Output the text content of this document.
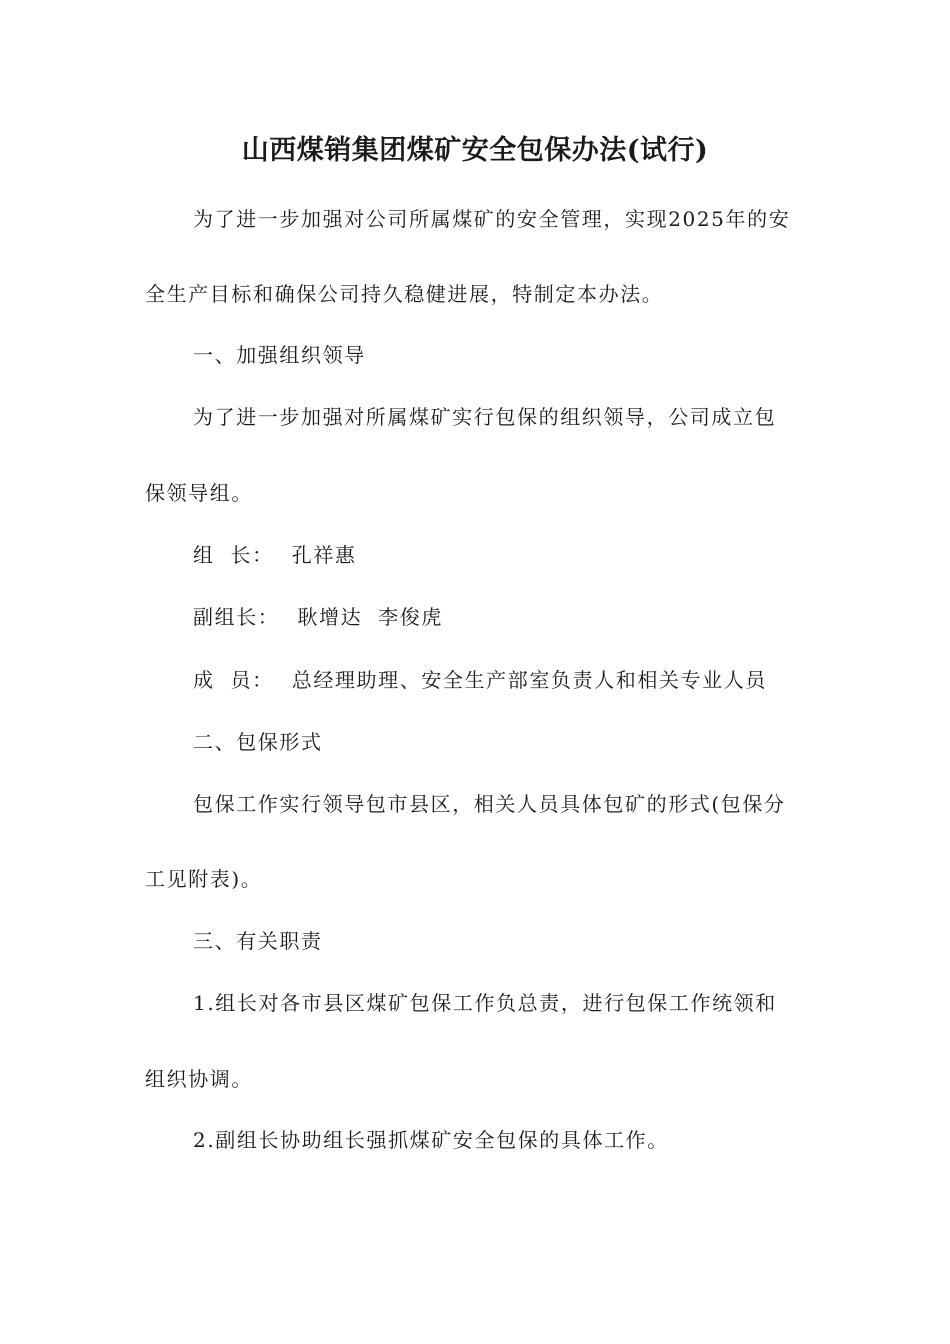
山西煤销集团煤矿安全包保办法(试行)
为了进一步加强对公司所属煤矿的安全管理，实现2025年的安
全生产目标和确保公司持久稳健进展，特制定本办法。
一、加强组织领导
为了进一步加强对所属煤矿实行包保的组织领导，公司成立包
保领导组。
组  长： 孔祥惠
副组长： 耿增达  李俊虎
成  员： 总经理助理、安全生产部室负责人和相关专业人员
二、包保形式
包保工作实行领导包市县区，相关人员具体包矿的形式(包保分
工见附表)。
三、有关职责
1.组长对各市县区煤矿包保工作负总责，进行包保工作统领和
组织协调。
2.副组长协助组长强抓煤矿安全包保的具体工作。
